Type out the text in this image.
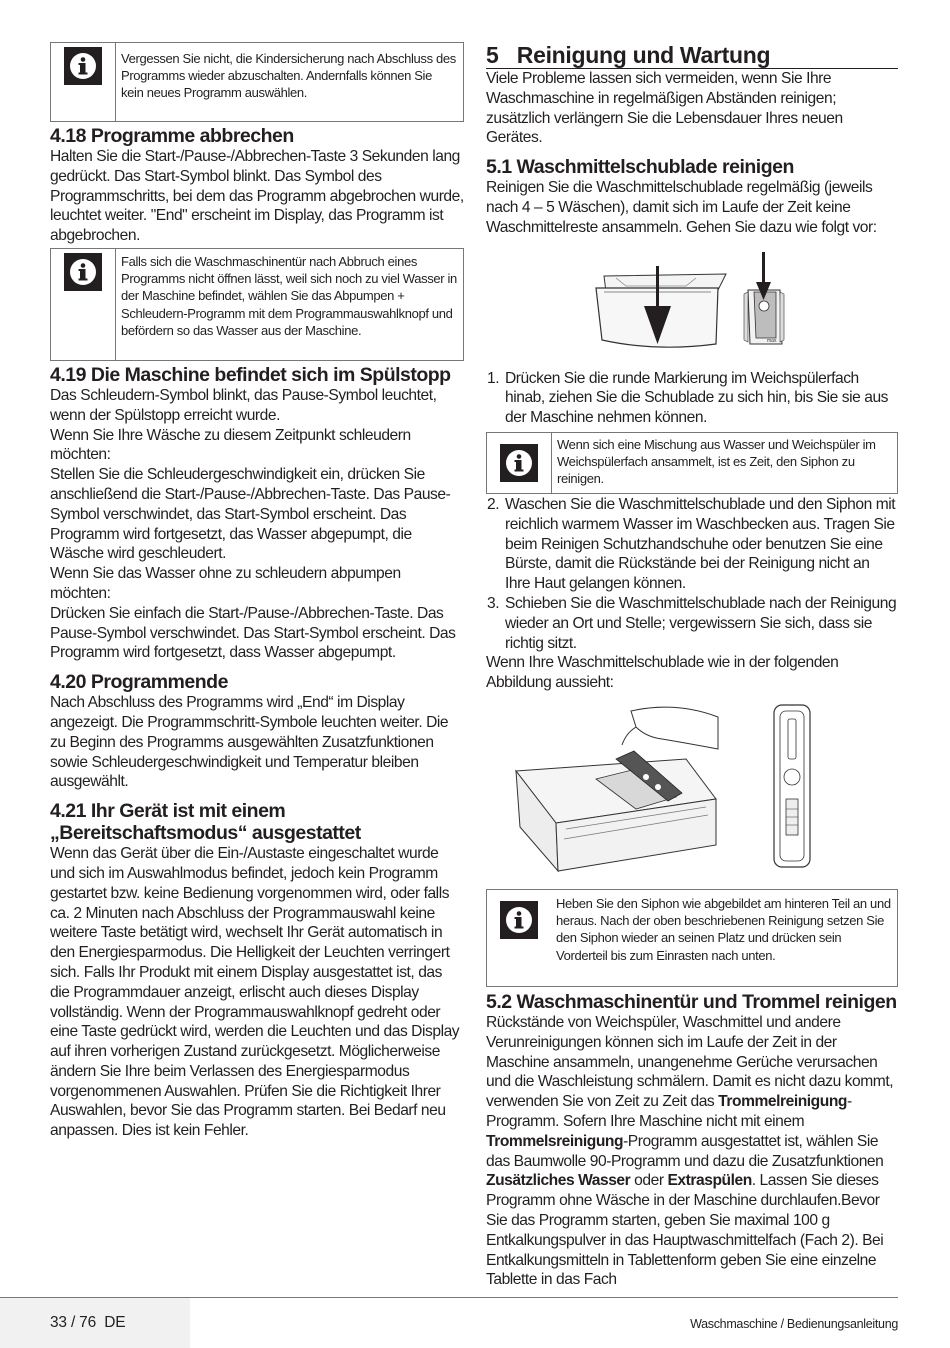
Vergessen Sie nicht, die Kindersicherung nach Abschluss des Programms wieder abzuschalten. Andernfalls können Sie kein neues Programm auswählen.
4.18 Programme abbrechen

Halten Sie die Start-/Pause-/Abbrechen-Taste 3 Sekunden lang gedrückt. Das Start-Symbol blinkt. Das Symbol des Programmschritts, bei dem das Programm abgebrochen wurde, leuchtet weiter. "End" erscheint im Display, das Programm ist abgebrochen.

Falls sich die Waschmaschinentür nach Abbruch eines Programms nicht öffnen lässt, weil sich noch zu viel Wasser in der Maschine befindet, wählen Sie das Abpumpen + Schleudern-Programm mit dem Programmauswahlknopf und befördern so das Wasser aus der Maschine.
4.19 Die Maschine befindet sich im Spülstopp

Das Schleudern-Symbol blinkt, das Pause-Symbol leuchtet, wenn der Spülstopp erreicht wurde.

Wenn Sie Ihre Wäsche zu diesem Zeitpunkt schleudern möchten:

Stellen Sie die Schleudergeschwindigkeit ein, drücken Sie anschließend die Start-/Pause-/Abbrechen-Taste. Das Pause-Symbol verschwindet, das Start-Symbol erscheint. Das Programm wird fortgesetzt, das Wasser abgepumpt, die Wäsche wird geschleudert.

Wenn Sie das Wasser ohne zu schleudern abpumpen möchten:

Drücken Sie einfach die Start-/Pause-/Abbrechen-Taste. Das Pause-Symbol verschwindet. Das Start-Symbol erscheint. Das Programm wird fortgesetzt, dass Wasser abgepumpt.

4.20 Programmende

Nach Abschluss des Programms wird „End“ im Display angezeigt. Die Programmschritt-Symbole leuchten weiter. Die zu Beginn des Programms ausgewählten Zusatzfunktionen sowie Schleudergeschwindigkeit und Temperatur bleiben ausgewählt.

4.21 Ihr Gerät ist mit einem
„Bereitschaftsmodus“ ausgestattet

Wenn das Gerät über die Ein-/Austaste eingeschaltet wurde und sich im Auswahlmodus befindet, jedoch kein Programm gestartet bzw. keine Bedienung vorgenommen wird, oder falls ca. 2 Minuten nach Abschluss der Programmauswahl keine weitere Taste betätigt wird, wechselt Ihr Gerät automatisch in den Energiesparmodus. Die Helligkeit der Leuchten verringert sich. Falls Ihr Produkt mit einem Display ausgestattet ist, das die Programmdauer anzeigt, erlischt auch dieses Display vollständig. Wenn der Programmauswahlknopf gedreht oder eine Taste gedrückt wird, werden die Leuchten und das Display auf ihren vorherigen Zustand zurückgesetzt. Möglicherweise ändern Sie Ihre beim Verlassen des Energiesparmodus vorgenommenen Auswahlen. Prüfen Sie die Richtigkeit Ihrer Auswahlen, bevor Sie das Programm starten. Bei Bedarf neu anpassen. Dies ist kein Fehler.

5   Reinigung und Wartung

Viele Probleme lassen sich vermeiden, wenn Sie Ihre Waschmaschine in regelmäßigen Abständen reinigen; zusätzlich verlängern Sie die Lebensdauer Ihres neuen Gerätes.

5.1 Waschmittelschublade reinigen

Reinigen Sie die Waschmittelschublade regelmäßig (jeweils nach 4 – 5 Wäschen), damit sich im Laufe der Zeit keine Waschmittelreste ansammeln. Gehen Sie dazu wie folgt vor:

max
1. Drücken Sie die runde Markierung im Weichspülerfach hinab, ziehen Sie die Schublade zu sich hin, bis Sie sie aus der Maschine nehmen können.
Wenn sich eine Mischung aus Wasser und Weichspüler im Weichspülerfach ansammelt, ist es Zeit, den Siphon zu reinigen.
2. Waschen Sie die Waschmittelschublade und den Siphon mit reichlich warmem Wasser im Waschbecken aus. Tragen Sie beim Reinigen Schutzhandschuhe oder benutzen Sie eine Bürste, damit die Rückstände bei der Reinigung nicht an Ihre Haut gelangen können.
3. Schieben Sie die Waschmittelschublade nach der Reinigung wieder an Ort und Stelle; vergewissern Sie sich, dass sie richtig sitzt.

Wenn Ihre Waschmittelschublade wie in der folgenden Abbildung aussieht:

Heben Sie den Siphon wie abgebildet am hinteren Teil an und heraus. Nach der oben beschriebenen Reinigung setzen Sie den Siphon wieder an seinen Platz und drücken sein Vorderteil bis zum Einrasten nach unten.
5.2 Waschmaschinentür und Trommel reinigen

Rückstände von Weichspüler, Waschmittel und andere Verunreinigungen können sich im Laufe der Zeit in der Maschine ansammeln, unangenehme Gerüche verursachen und die Waschleistung schmälern. Damit es nicht dazu kommt, verwenden Sie von Zeit zu Zeit das Trommelreinigung-Programm. Sofern Ihre Maschine nicht mit einem Trommelsreinigung-Programm ausgestattet ist, wählen Sie das Baumwolle 90-Programm und dazu die Zusatzfunktionen Zusätzliches Wasser oder Extraspülen. Lassen Sie dieses Programm ohne Wäsche in der Maschine durchlaufen.Bevor Sie das Programm starten, geben Sie maximal 100 g Entkalkungspulver in das Hauptwaschmittelfach (Fach 2). Bei Entkalkungsmitteln in Tablettenform geben Sie eine einzelne Tablette in das Fach

33 / 76  DE	Waschmaschine / Bedienungsanleitung
